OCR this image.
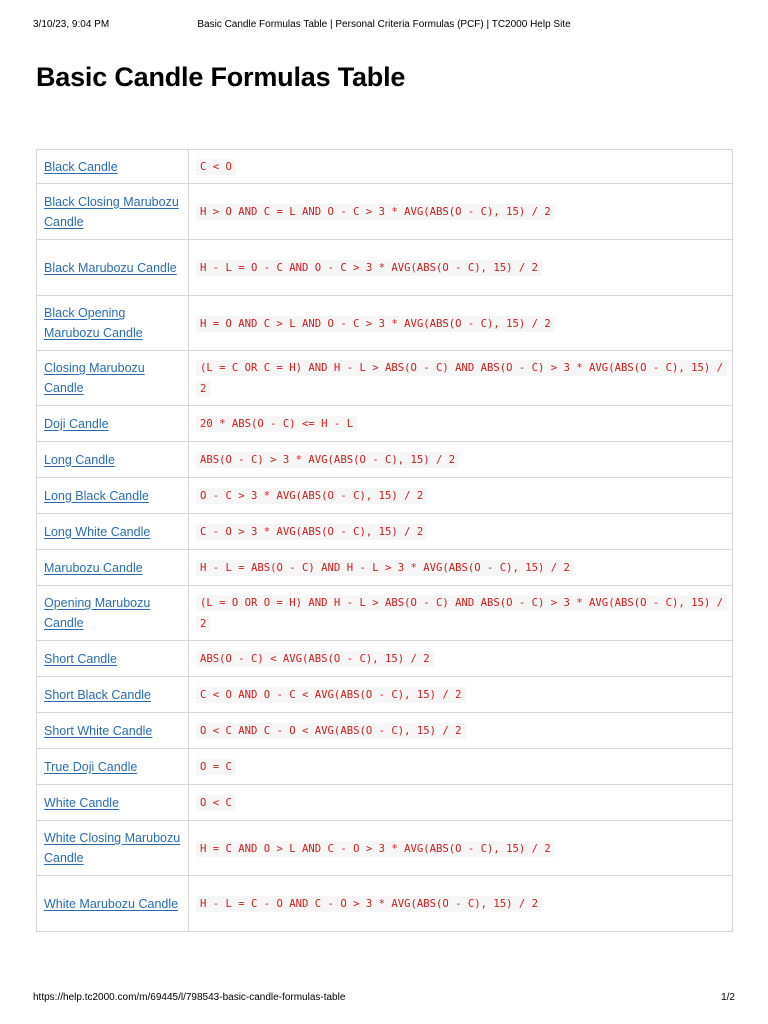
3/10/23, 9:04 PM	Basic Candle Formulas Table | Personal Criteria Formulas (PCF) | TC2000 Help Site
Basic Candle Formulas Table
Black Candle	C < O
Black Closing Marubozu Candle	H > O AND C = L AND O - C > 3 * AVG(ABS(O - C), 15) / 2
Black Marubozu Candle	H - L = O - C AND O - C > 3 * AVG(ABS(O - C), 15) / 2
Black Opening Marubozu Candle	H = O AND C > L AND O - C > 3 * AVG(ABS(O - C), 15) / 2
Closing Marubozu Candle	(L = C OR C = H) AND H - L > ABS(O - C) AND ABS(O - C) > 3 * AVG(ABS(O - C), 15) / 2
Doji Candle	20 * ABS(O - C) <= H - L
Long Candle	ABS(O - C) > 3 * AVG(ABS(O - C), 15) / 2
Long Black Candle	O - C > 3 * AVG(ABS(O - C), 15) / 2
Long White Candle	C - O > 3 * AVG(ABS(O - C), 15) / 2
Marubozu Candle	H - L = ABS(O - C) AND H - L > 3 * AVG(ABS(O - C), 15) / 2
Opening Marubozu Candle	(L = O OR O = H) AND H - L > ABS(O - C) AND ABS(O - C) > 3 * AVG(ABS(O - C), 15) / 2
Short Candle	ABS(O - C) < AVG(ABS(O - C), 15) / 2
Short Black Candle	C < O AND O - C < AVG(ABS(O - C), 15) / 2
Short White Candle	O < C AND C - O < AVG(ABS(O - C), 15) / 2
True Doji Candle	O = C
White Candle	O < C
White Closing Marubozu Candle	H = C AND O > L AND C - O > 3 * AVG(ABS(O - C), 15) / 2
White Marubozu Candle	H - L = C - O AND C - O > 3 * AVG(ABS(O - C), 15) / 2
https://help.tc2000.com/m/69445/l/798543-basic-candle-formulas-table	1/2
